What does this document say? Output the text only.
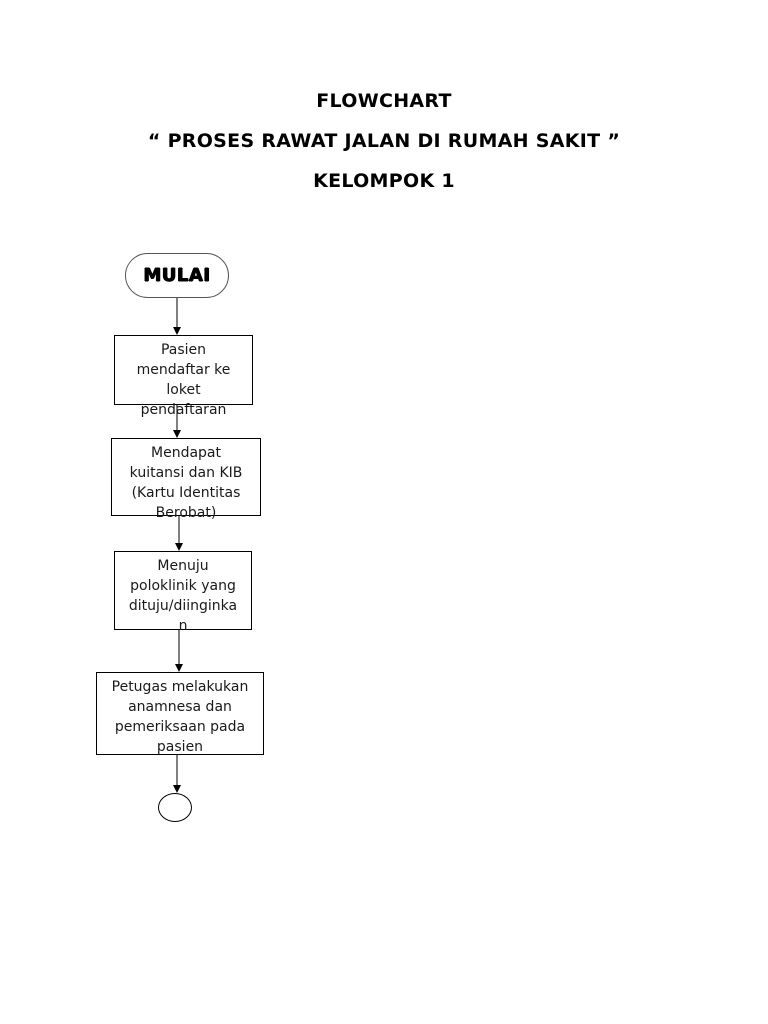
FLOWCHART
“ PROSES RAWAT JALAN DI RUMAH SAKIT ”
KELOMPOK 1
MULAI
Pasien
mendaftar ke
loket
pendaftaran
Mendapat
kuitansi dan KIB
(Kartu Identitas
Berobat)
Menuju
poloklinik yang
dituju/diinginka
n
Petugas melakukan
anamnesa dan
pemeriksaan pada
pasien
